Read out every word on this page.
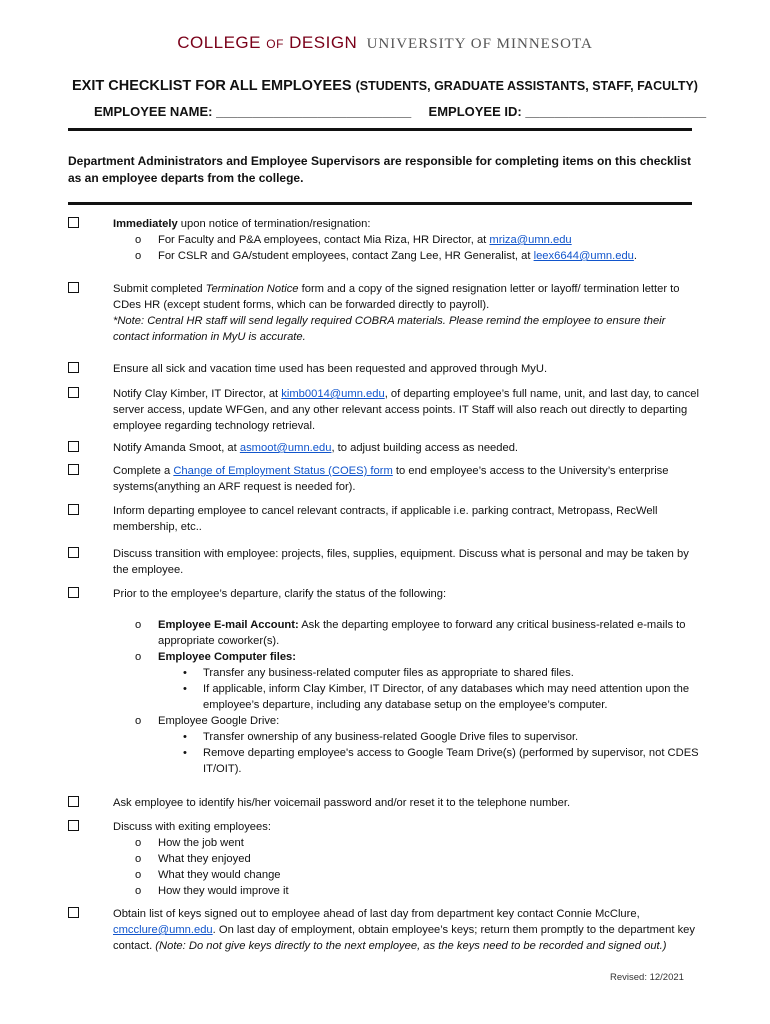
COLLEGE OF DESIGN UNIVERSITY OF MINNESOTA
EXIT CHECKLIST FOR ALL EMPLOYEES (STUDENTS, GRADUATE ASSISTANTS, STAFF, FACULTY)
EMPLOYEE NAME: ___________________________ EMPLOYEE ID: _________________________
Department Administrators and Employee Supervisors are responsible for completing items on this checklist as an employee departs from the college.
Immediately upon notice of termination/resignation:
o For Faculty and P&A employees, contact Mia Riza, HR Director, at mriza@umn.edu
o For CSLR and GA/student employees, contact Zang Lee, HR Generalist, at leex6644@umn.edu.
Submit completed Termination Notice form and a copy of the signed resignation letter or layoff/ termination letter to CDes HR (except student forms, which can be forwarded directly to payroll).
*Note: Central HR staff will send legally required COBRA materials. Please remind the employee to ensure their contact information in MyU is accurate.
Ensure all sick and vacation time used has been requested and approved through MyU.
Notify Clay Kimber, IT Director, at kimb0014@umn.edu, of departing employee’s full name, unit, and last day, to cancel server access, update WFGen, and any other relevant access points. IT Staff will also reach out directly to departing employee regarding technology retrieval.
Notify Amanda Smoot, at asmoot@umn.edu, to adjust building access as needed.
Complete a Change of Employment Status (COES) form to end employee’s access to the University’s enterprise systems(anything an ARF request is needed for).
Inform departing employee to cancel relevant contracts, if applicable i.e. parking contract, Metropass, RecWell membership, etc..
Discuss transition with employee: projects, files, supplies, equipment. Discuss what is personal and may be taken by the employee.
Prior to the employee’s departure, clarify the status of the following:
o Employee E-mail Account: Ask the departing employee to forward any critical business-related e-mails to appropriate coworker(s).
o Employee Computer files:
• Transfer any business-related computer files as appropriate to shared files.
• If applicable, inform Clay Kimber, IT Director, of any databases which may need attention upon the employee’s departure, including any database setup on the employee’s computer.
o Employee Google Drive:
• Transfer ownership of any business-related Google Drive files to supervisor.
• Remove departing employee's access to Google Team Drive(s) (performed by supervisor, not CDES IT/OIT).
Ask employee to identify his/her voicemail password and/or reset it to the telephone number.
Discuss with exiting employees:
o How the job went
o What they enjoyed
o What they would change
o How they would improve it
Obtain list of keys signed out to employee ahead of last day from department key contact Connie McClure, cmcclure@umn.edu. On last day of employment, obtain employee’s keys; return them promptly to the department key contact. (Note: Do not give keys directly to the next employee, as the keys need to be recorded and signed out.)
Revised: 12/2021
